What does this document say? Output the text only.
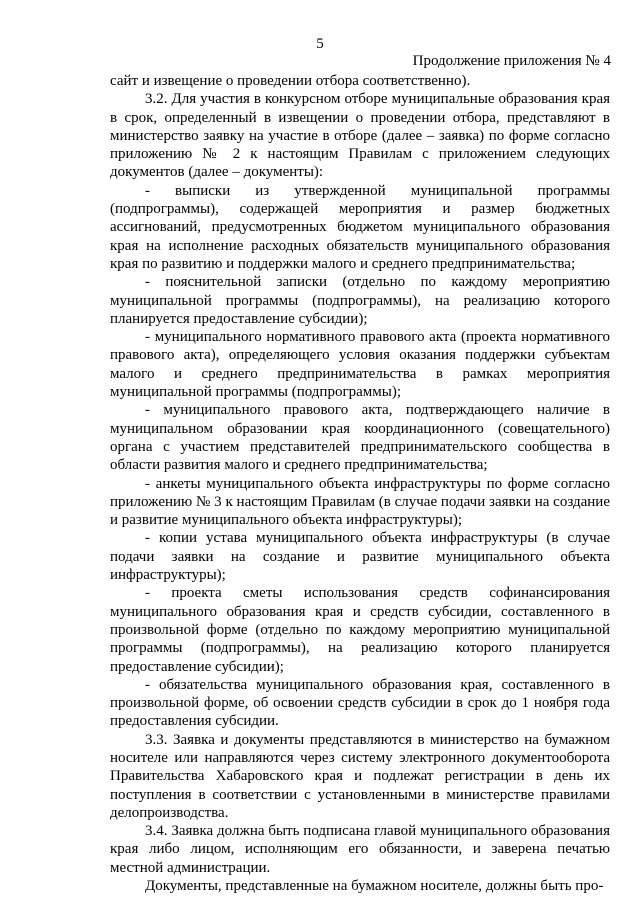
5
Продолжение приложения № 4

сайт и извещение о проведении отбора соответственно).

3.2. Для участия в конкурсном отборе муниципальные образования края в срок, определенный в извещении о проведении отбора, представляют в министерство заявку на участие в отборе (далее – заявка) по форме согласно приложению № 2 к настоящим Правилам с приложением следующих документов (далее – документы):

- выписки из утвержденной муниципальной программы (подпрограммы), содержащей мероприятия и размер бюджетных ассигнований, предусмотренных бюджетом муниципального образования края на исполнение расходных обязательств муниципального образования края по развитию и поддержки малого и среднего предпринимательства;

- пояснительной записки (отдельно по каждому мероприятию муниципальной программы (подпрограммы), на реализацию которого планируется предоставление субсидии);

- муниципального нормативного правового акта (проекта нормативного правового акта), определяющего условия оказания поддержки субъектам малого и среднего предпринимательства в рамках мероприятия муниципальной программы (подпрограммы);

- муниципального правового акта, подтверждающего наличие в муниципальном образовании края координационного (совещательного) органа с участием представителей предпринимательского сообщества в области развития малого и среднего предпринимательства;

- анкеты муниципального объекта инфраструктуры по форме согласно приложению № 3 к настоящим Правилам (в случае подачи заявки на создание и развитие муниципального объекта инфраструктуры);

- копии устава муниципального объекта инфраструктуры (в случае подачи заявки на создание и развитие муниципального объекта инфраструктуры);

- проекта сметы использования средств софинансирования муниципального образования края и средств субсидии, составленного в произвольной форме (отдельно по каждому мероприятию муниципальной программы (подпрограммы), на реализацию которого планируется предоставление субсидии);

- обязательства муниципального образования края, составленного в произвольной форме, об освоении средств субсидии в срок до 1 ноября года предоставления субсидии.

3.3. Заявка и документы представляются в министерство на бумажном носителе или направляются через систему электронного документооборота Правительства Хабаровского края и подлежат регистрации в день их поступления в соответствии с установленными в министерстве правилами делопроизводства.

3.4. Заявка должна быть подписана главой муниципального образования края либо лицом, исполняющим его обязанности, и заверена печатью местной администрации.

Документы, представленные на бумажном носителе, должны быть про-
